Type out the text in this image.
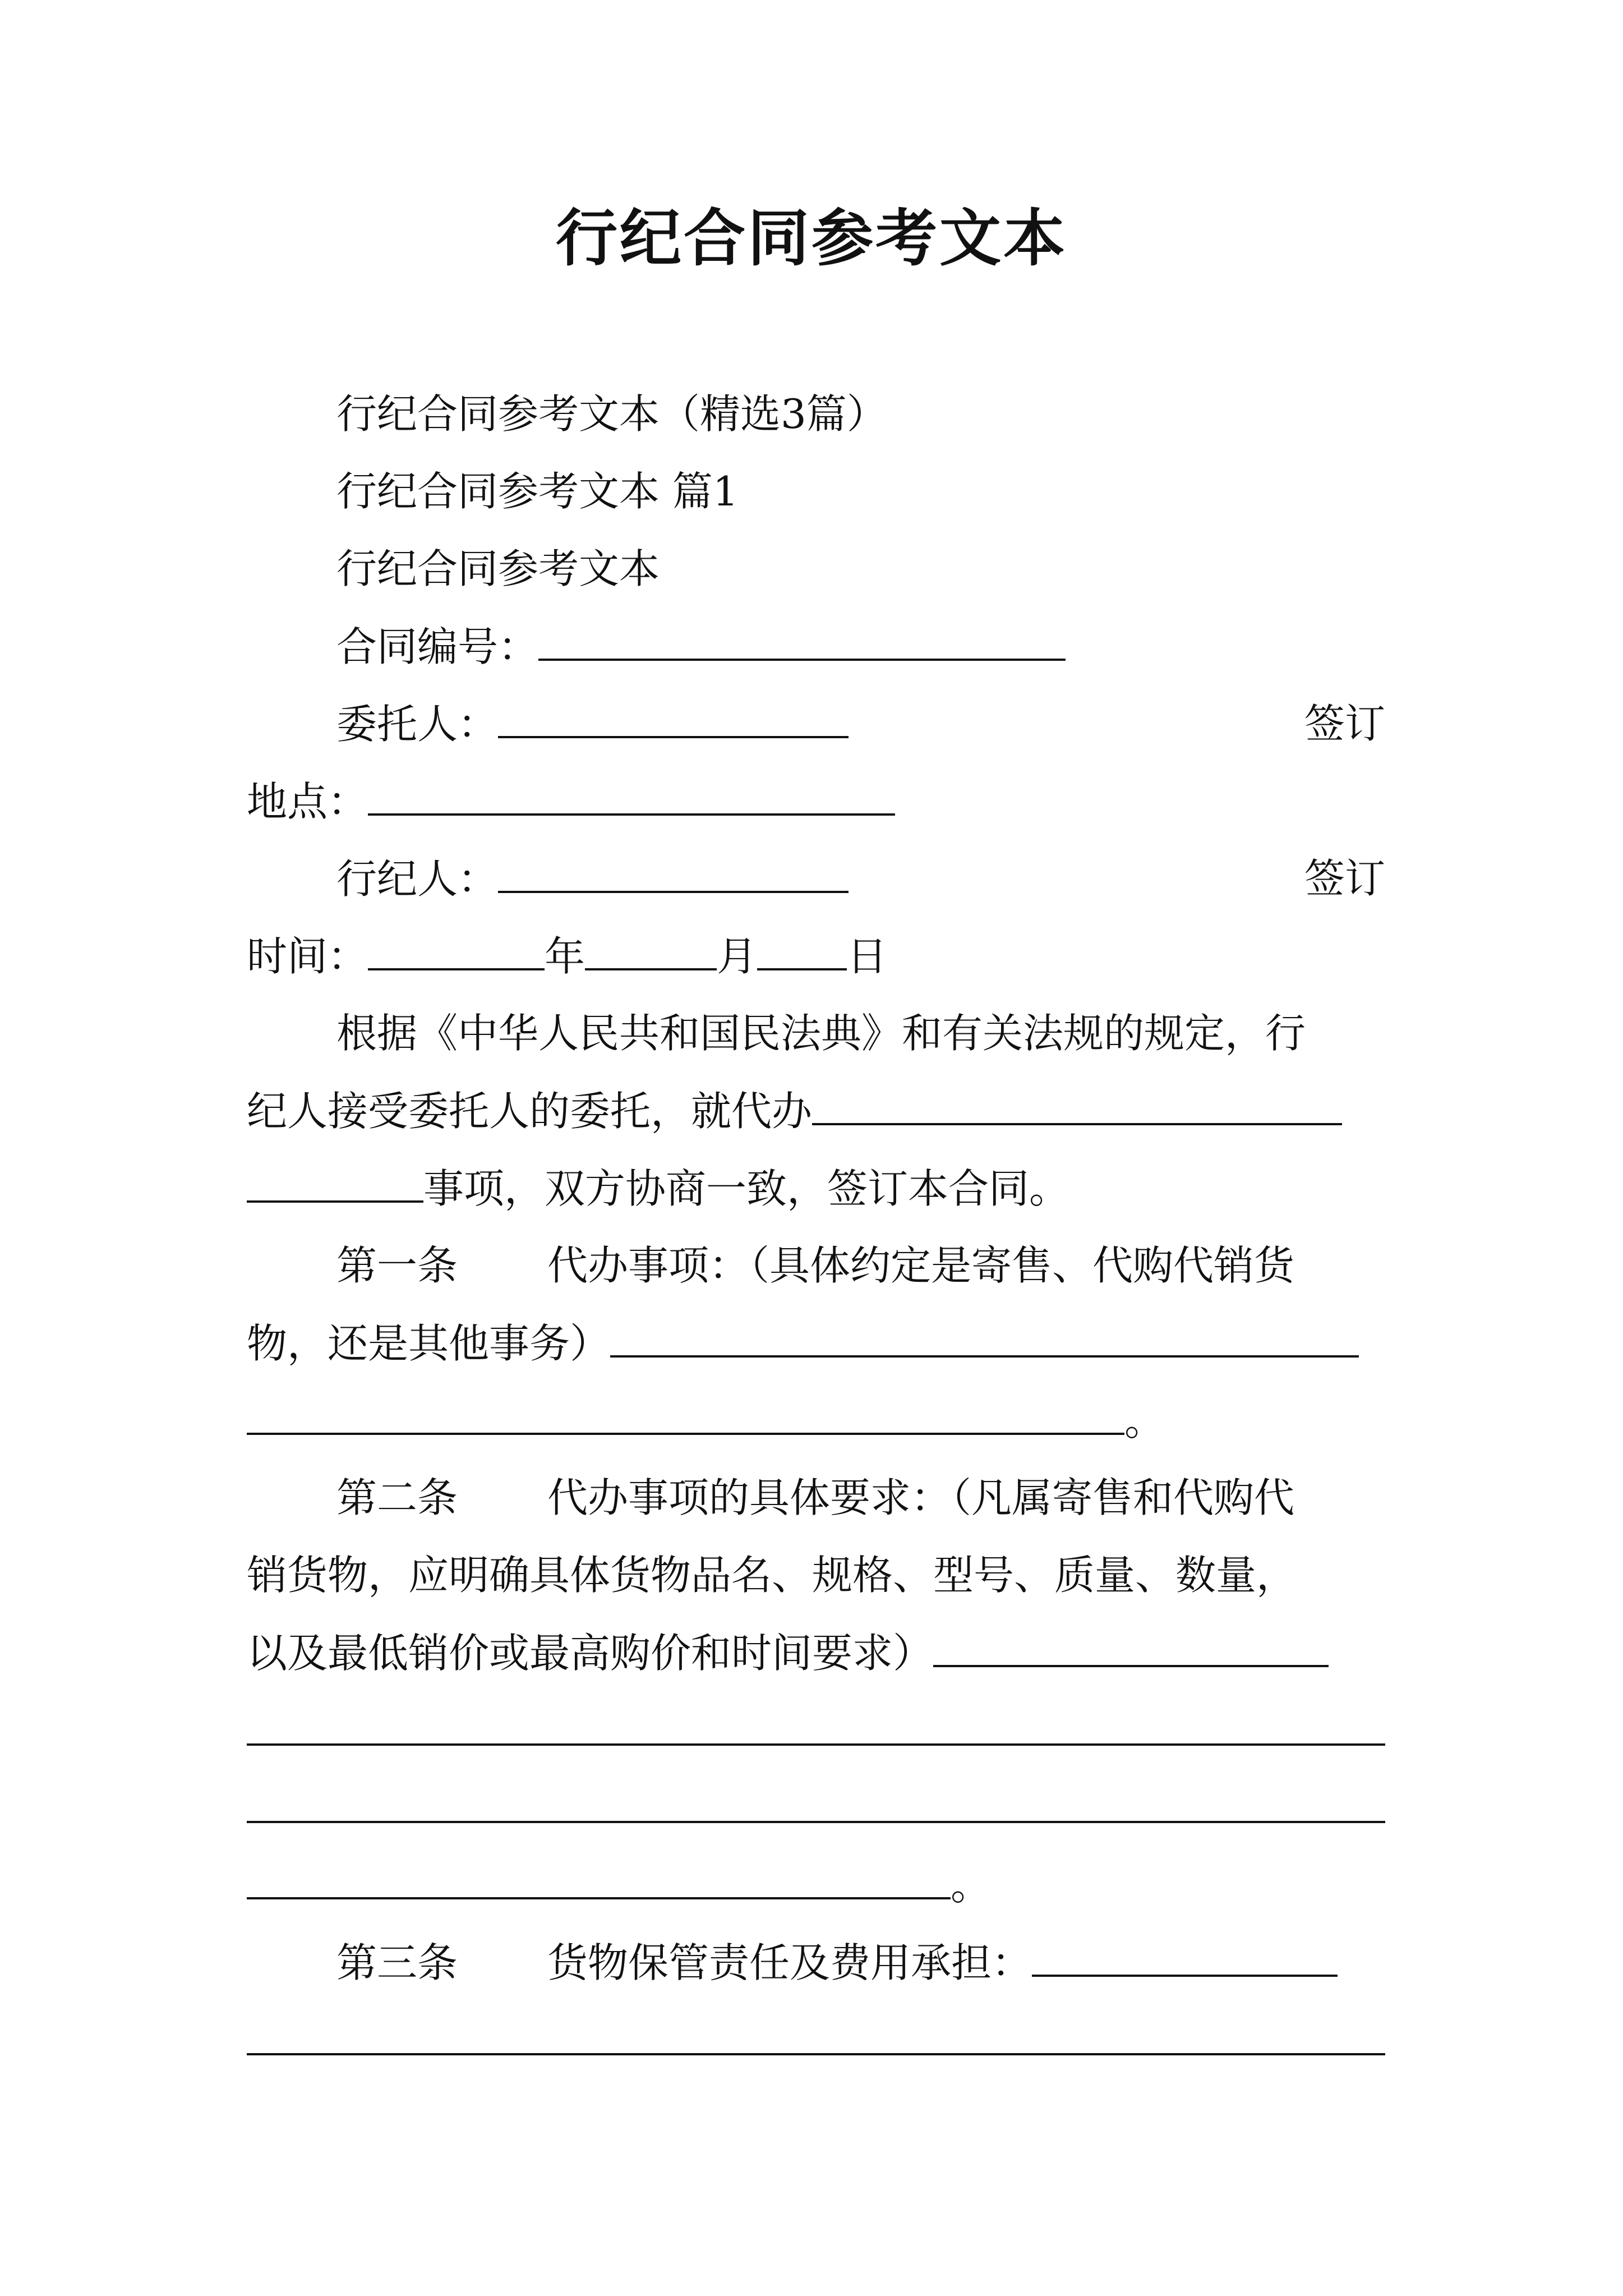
行纪合同参考文本
行纪合同参考文本（精选3篇）
行纪合同参考文本 篇1
行纪合同参考文本
合同编号：
委托人：	签订
地点：
行纪人：	签订
时间：	年	月 日
根据《中华人民共和国民法典》和有关法规的规定，行
纪人接受委托人的委托，就代办
事项，双方协商一致，签订本合同。
第一条 代办事项：（具体约定是寄售、代购代销货
物，还是其他事务）
。
第二条 代办事项的具体要求：（凡属寄售和代购代
销货物，应明确具体货物品名、规格、型号、质量、数量，
以及最低销价或最高购价和时间要求）
。
第三条 货物保管责任及费用承担：
